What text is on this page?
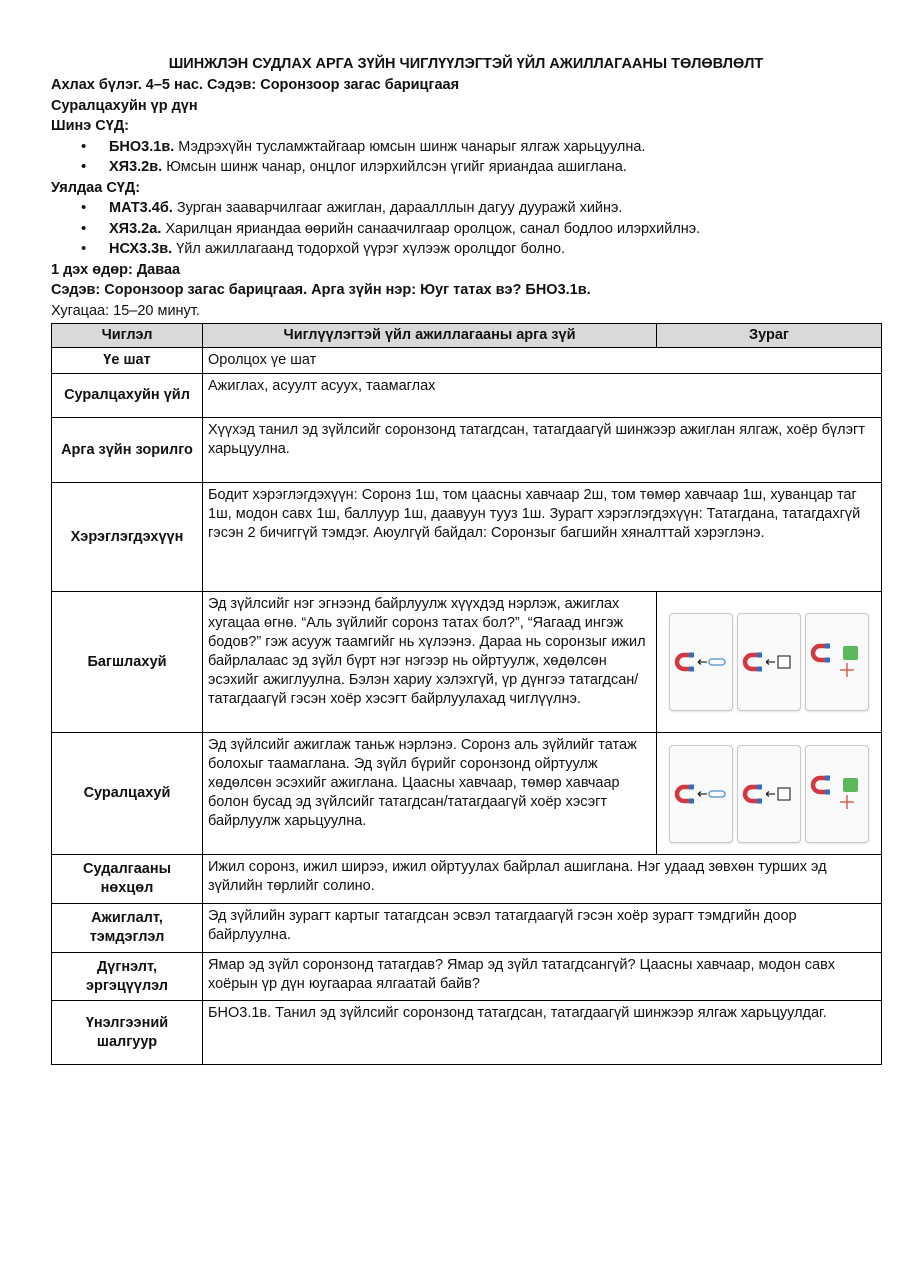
ШИНЖЛЭН СУДЛАХ АРГА ЗҮЙН ЧИГЛҮҮЛЭГТЭЙ ҮЙЛ АЖИЛЛАГААНЫ ТӨЛӨВЛӨЛТ
Ахлах бүлэг. 4–5 нас. Сэдэв: Соронзоор загас барицгаая
Суралцахуйн үр дүн
Шинэ СҮД:
• БНО3.1в. Мэдрэхүйн тусламжтайгаар юмсын шинж чанарыг ялгаж харьцуулна.
• ХЯ3.2в. Юмсын шинж чанар, онцлог илэрхийлсэн үгийг яриандаа ашиглана.
Уялдаа СҮД:
• МАТ3.4б. Зурган зааварчилгааг ажиглан, дараалллын дагуу дууражй хийнэ.
• ХЯ3.2а. Харилцан яриандаа өөрийн санаачилгаар оролцож, санал бодлоо илэрхийлнэ.
• НСХ3.3в. Үйл ажиллагаанд тодорхой үүрэг хүлээж оролцдог болно.
1 дэх өдөр: Даваа
Сэдэв: Соронзоор загас барицгаая. Арга зүйн нэр: Юуг татах вэ? БНО3.1в.
Хугацаа: 15–20 минут.
Чиглэл	Чиглүүлэгтэй үйл ажиллагааны арга зүй	Зураг
Үе шат	Оролцох үе шат	
Суралцахуйн үйл	Ажиглах, асуулт асуух, таамаглах	
Арга зүйн зорилго	Хүүхэд танил эд зүйлсийг соронзонд татагдсан, татагдаагүй шинжээр ажиглан ялгаж, хоёр бүлэгт харьцуулна.	
Хэрэглэгдэхүүн	Бодит хэрэглэгдэхүүн: Соронз 1ш, том цаасны хавчаар 2ш, том төмөр хавчаар 1ш, хуванцар таг 1ш, модон савх 1ш, баллуур 1ш, даавуун тууз 1ш. Зурагт хэрэглэгдэхүүн: Татагдана, татагдахгүй гэсэн 2 бичиггүй тэмдэг. Аюулгүй байдал: Соронзыг багшийн хяналттай хэрэглэнэ.	
Багшлахуй	Эд зүйлсийг нэг эгнээнд байрлуулж хүүхдэд нэрлэж, ажиглах хугацаа өгнө. “Аль зүйлийг соронз татах бол?”, “Яагаад ингэж бодов?” гэж асууж таамгийг нь хүлээнэ. Дараа нь соронзыг ижил байрлалаас эд зүйл бүрт нэг нэгээр нь ойртуулж, хөдөлсөн эсэхийг ажиглуулна. Бэлэн хариу хэлэхгүй, үр дүнгээ татагдсан/татагдаагүй гэсэн хоёр хэсэгт байрлуулахад чиглүүлнэ.	

Суралцахуй	Эд зүйлсийг ажиглаж таньж нэрлэнэ. Соронз аль зүйлийг татаж болохыг таамаглана. Эд зүйл бүрийг соронзонд ойртуулж хөдөлсөн эсэхийг ажиглана. Цаасны хавчаар, төмөр хавчаар болон бусад эд зүйлсийг татагдсан/татагдаагүй хоёр хэсэгт байрлуулж харьцуулна.	

Судалгааны нөхцөл	Ижил соронз, ижил ширээ, ижил ойртуулах байрлал ашиглана. Нэг удаад зөвхөн турших эд зүйлийн төрлийг солино.	
Ажиглалт, тэмдэглэл	Эд зүйлийн зурагт картыг татагдсан эсвэл татагдаагүй гэсэн хоёр зурагт тэмдгийн доор байрлуулна.	
Дүгнэлт, эргэцүүлэл	Ямар эд зүйл соронзонд татагдав? Ямар эд зүйл татагдсангүй? Цаасны хавчаар, модон савх хоёрын үр дүн юугаараа ялгаатай байв?	
Үнэлгээний шалгуур	БНО3.1в. Танил эд зүйлсийг соронзонд татагдсан, татагдаагүй шинжээр ялгаж харьцуулдаг.	
